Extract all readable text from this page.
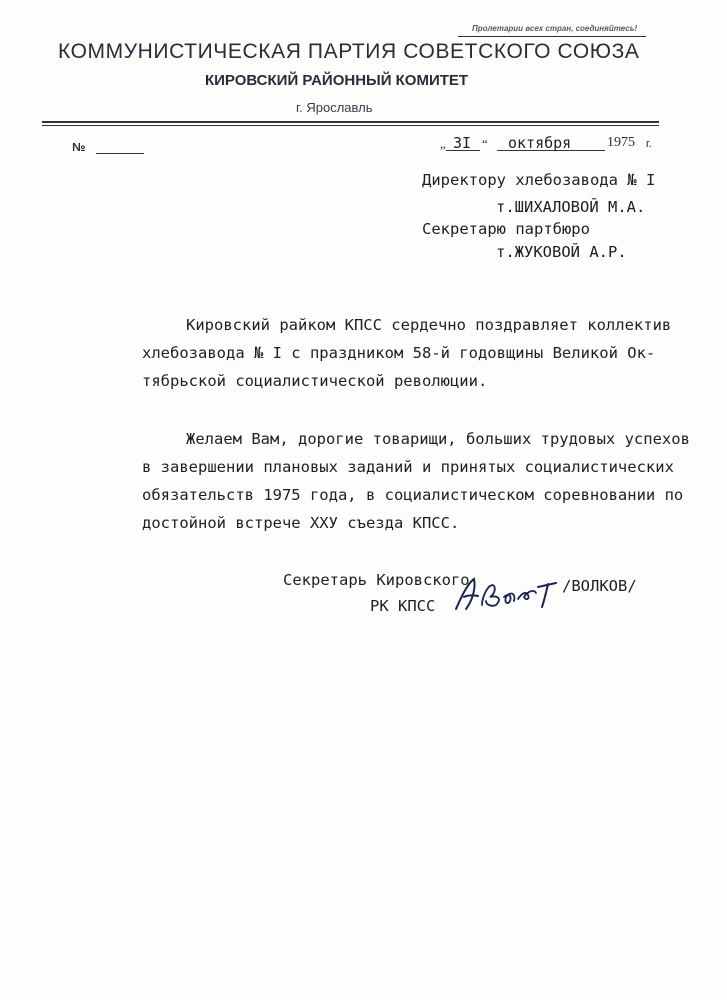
Пролетарии всех стран, соединяйтесь!
КОММУНИСТИЧЕСКАЯ ПАРТИЯ СОВЕТСКОГО СОЮЗА
КИРОВСКИЙ РАЙОННЫЙ КОМИТЕТ
г. Ярославль
№	„ 3I “ октября	1975 г.
Директору хлебозавода № I
т.ШИХАЛОВОЙ М.А.
Секретарю партбюро
т.ЖУКОВОЙ А.Р.
Кировский райком КПСС сердечно поздравляет коллектив
хлебозавода № I с праздником 58-й годовщины Великой Ок-
тябрьской социалистической революции.
Желаем Вам, дорогие товарищи, больших трудовых успехов
в завершении плановых заданий и принятых социалистических
обязательств 1975 года, в социалистическом соревновании по
достойной встрече ХХУ съезда КПСС.
Секретарь Кировского
РК КПСС
/ВОЛКОВ/
